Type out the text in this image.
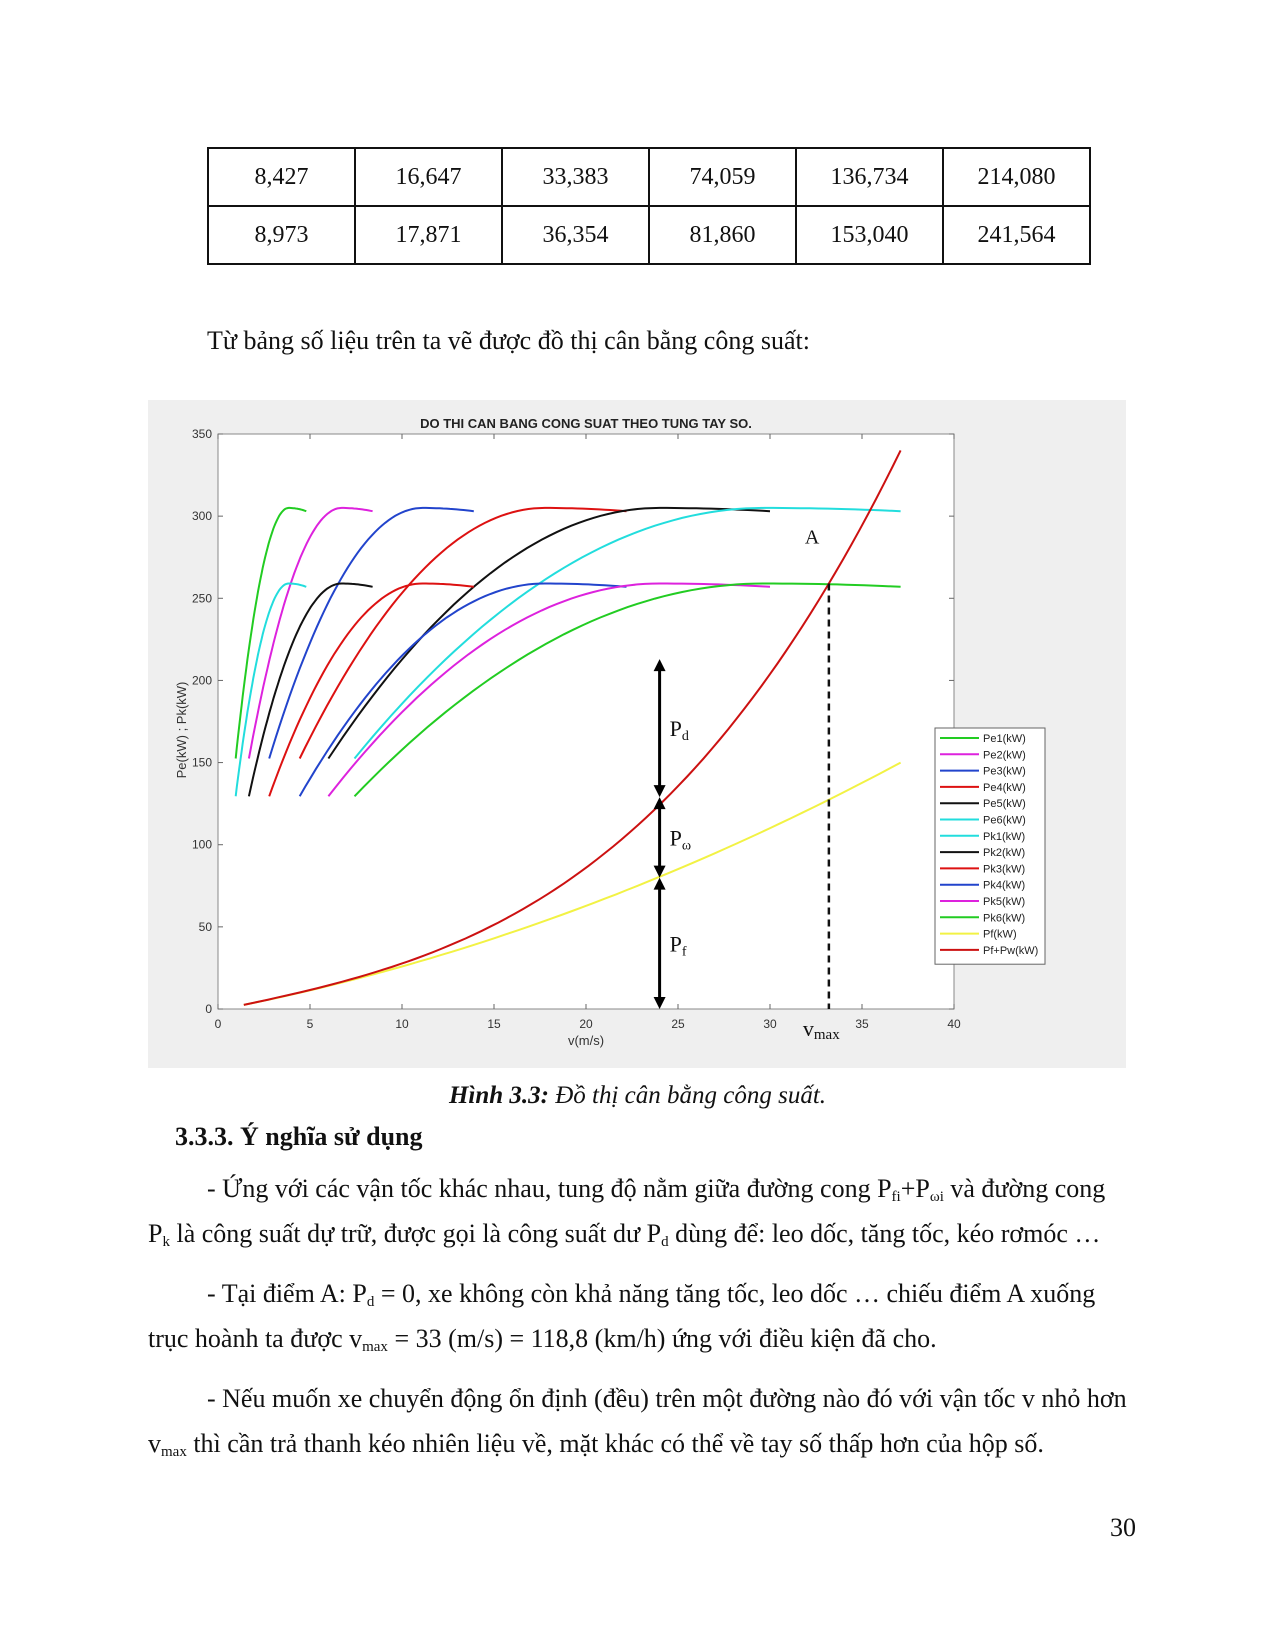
8,427	16,647	33,383	74,059	136,734	214,080
8,973	17,871	36,354	81,860	153,040	241,564
Từ bảng số liệu trên ta vẽ được đồ thị cân bằng công suất:
DO THI CAN BANG CONG SUAT THEO TUNG TAY SO.
0	5	10	15	20	25	30	35	40
0
50
100
150
200
250
300
350
v(m/s)
Pe(kW) ; Pk(kW)
A
vmax
Pd
Pω
Pf
Pe1(kW)
Pe2(kW)
Pe3(kW)
Pe4(kW)
Pe5(kW)
Pe6(kW)
Pk1(kW)
Pk2(kW)
Pk3(kW)
Pk4(kW)
Pk5(kW)
Pk6(kW)
Pf(kW)
Pf+Pw(kW)
Hình 3.3: Đồ thị cân bằng công suất.
3.3.3. Ý nghĩa sử dụng
- Ứng với các vận tốc khác nhau, tung độ nằm giữa đường cong $P_{fi}+P_{\omega i}$ và đường cong
$P_k$ là công suất dự trữ, được gọi là công suất dư $P_d$ dùng để: leo dốc, tăng tốc, kéo rơmóc …
- Tại điểm A: $P_d = 0$, xe không còn khả năng tăng tốc, leo dốc … chiếu điểm A xuống
trục hoành ta được $v_{max} = 33$ (m/s) = 118,8 (km/h) ứng với điều kiện đã cho.
- Nếu muốn xe chuyển động ổn định (đều) trên một đường nào đó với vận tốc v nhỏ hơn
$v_{max}$ thì cần trả thanh kéo nhiên liệu về, mặt khác có thể về tay số thấp hơn của hộp số.
30
